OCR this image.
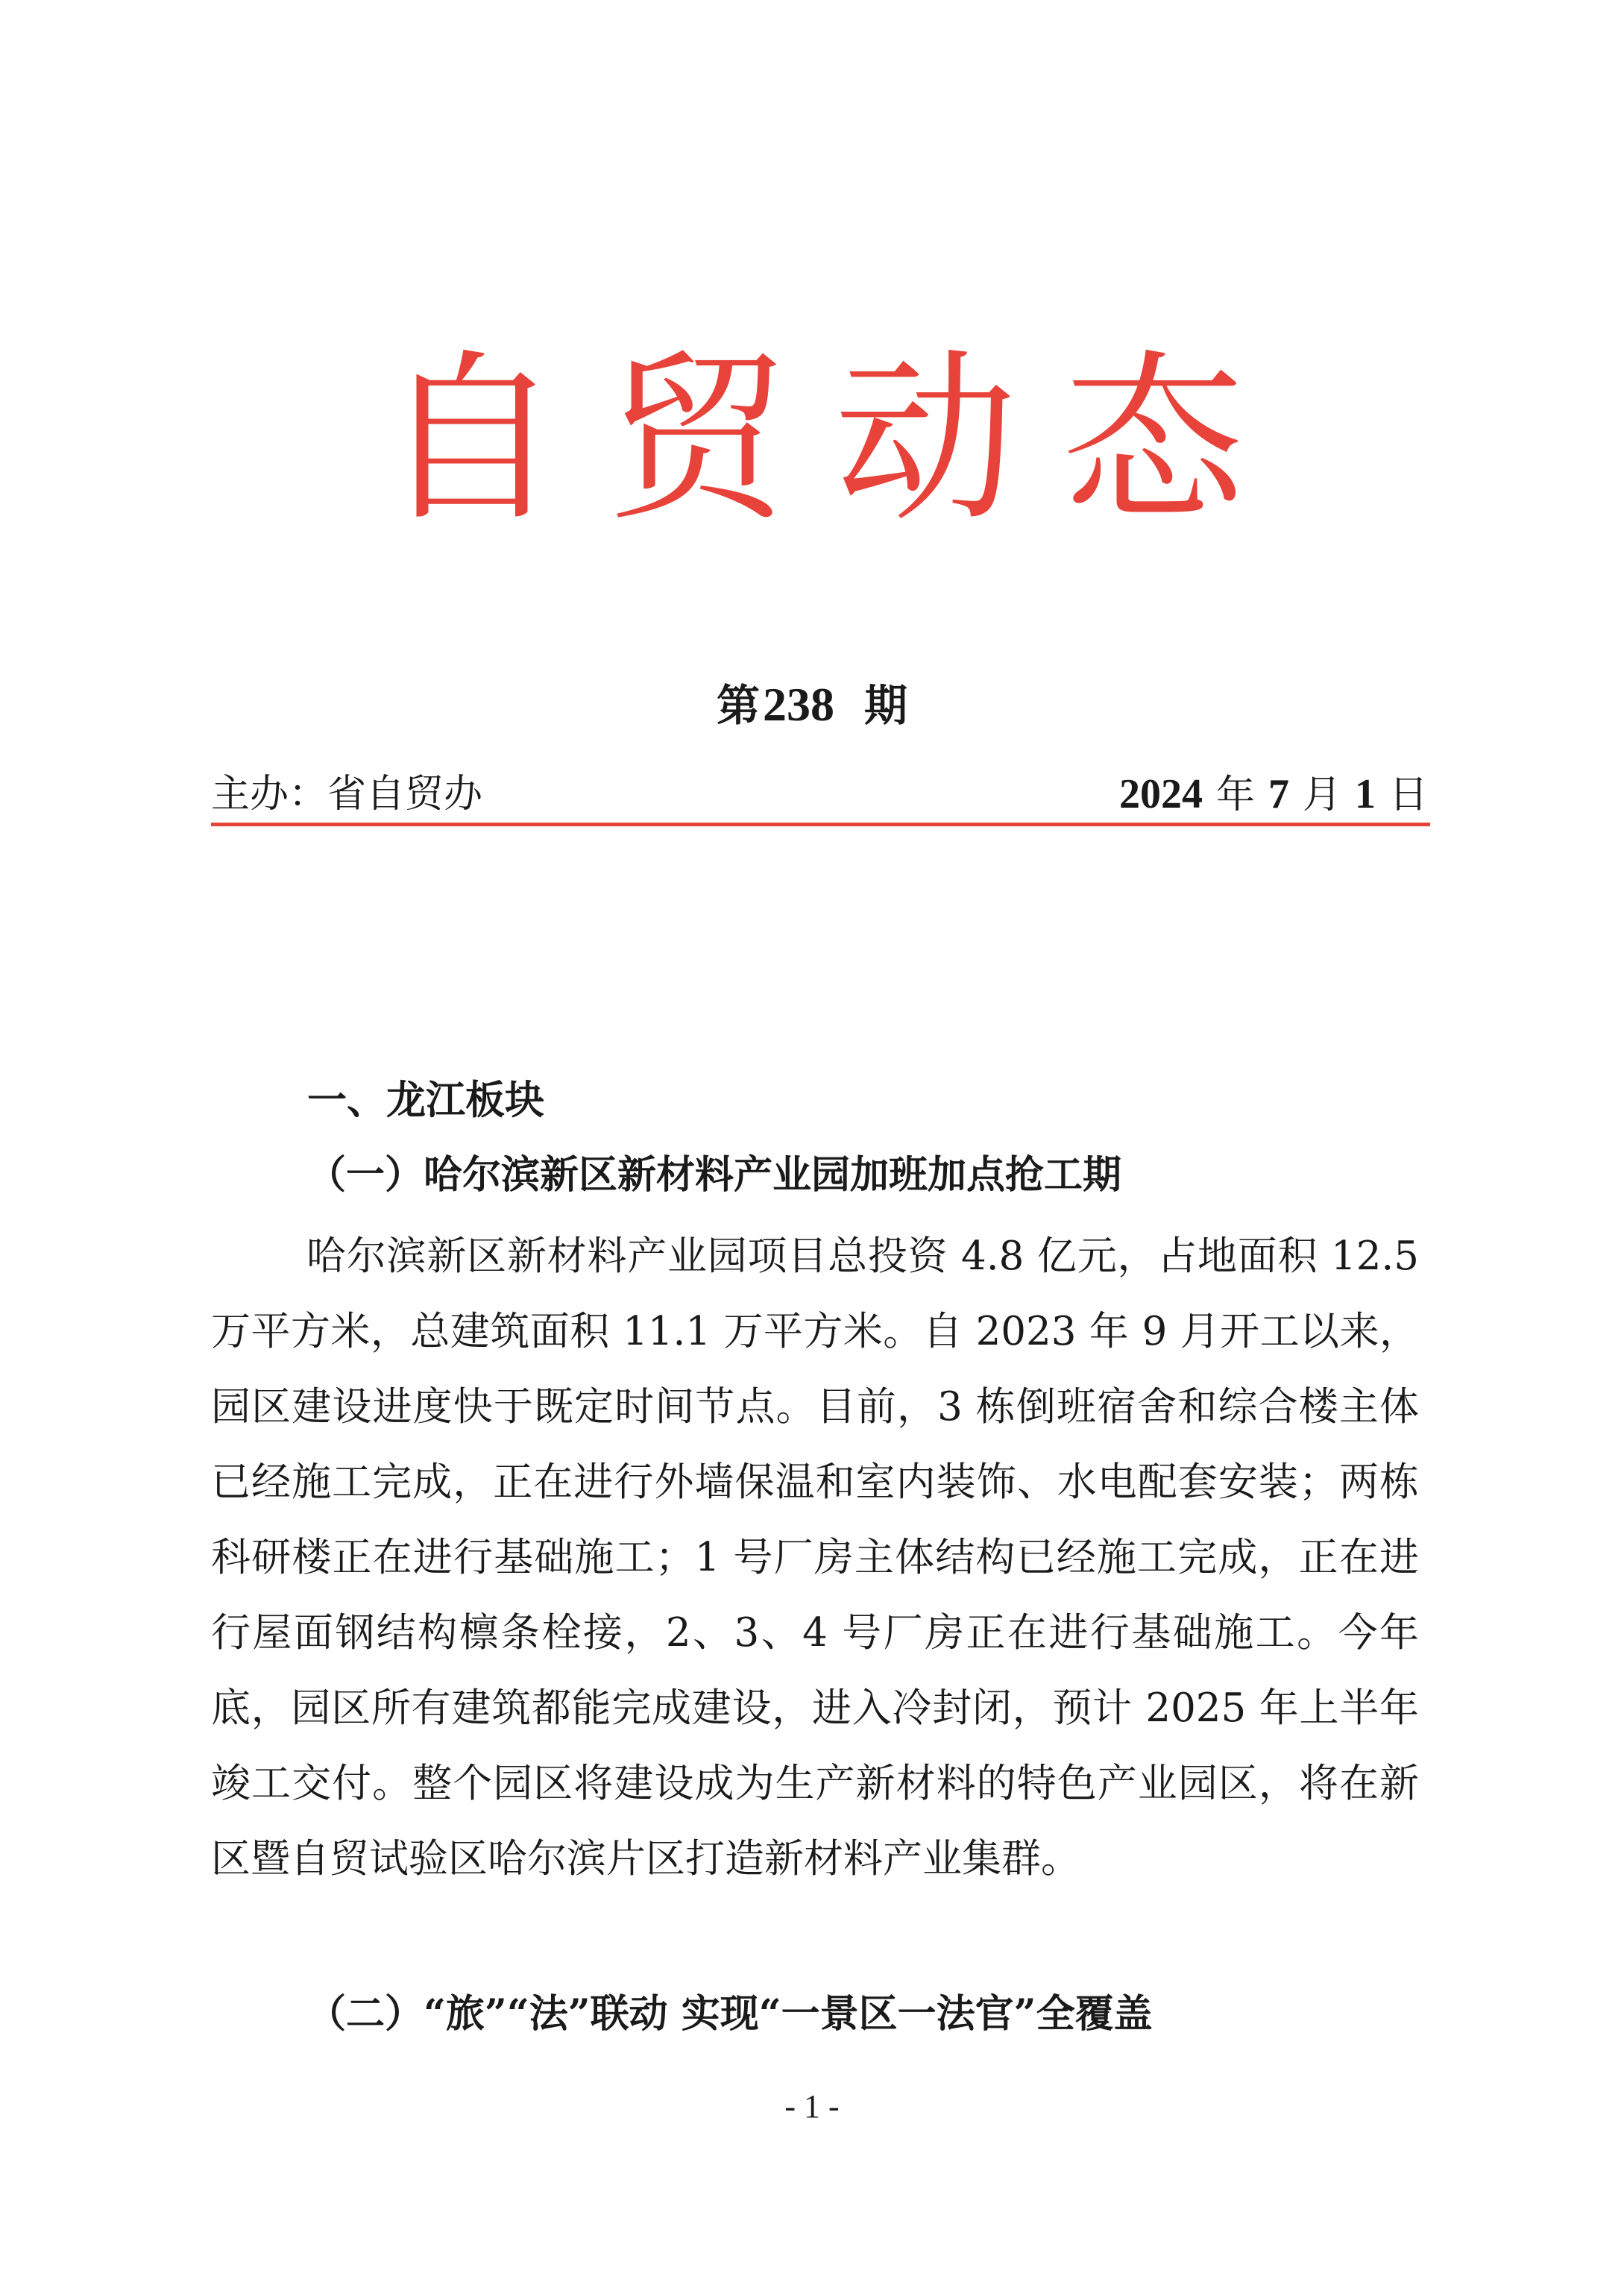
自贸动态
第238 期
主办：省自贸办	2024 年 7 月 1 日
一、龙江板块
（一）哈尔滨新区新材料产业园加班加点抢工期

哈尔滨新区新材料产业园项目总投资 4.8 亿元，占地面积 12.5 万平方米，总建筑面积 11.1 万平方米。自 2023 年 9 月开工以来，园区建设进度快于既定时间节点。目前，3 栋倒班宿舍和综合楼主体已经施工完成，正在进行外墙保温和室内装饰、水电配套安装；两栋科研楼正在进行基础施工；1 号厂房主体结构已经施工完成，正在进行屋面钢结构檩条栓接，2、3、4 号厂房正在进行基础施工。今年底，园区所有建筑都能完成建设，进入冷封闭，预计 2025 年上半年竣工交付。整个园区将建设成为生产新材料的特色产业园区，将在新区暨自贸试验区哈尔滨片区打造新材料产业集群。

（二）“旅”“法”联动 实现“一景区一法官”全覆盖
- 1 -
